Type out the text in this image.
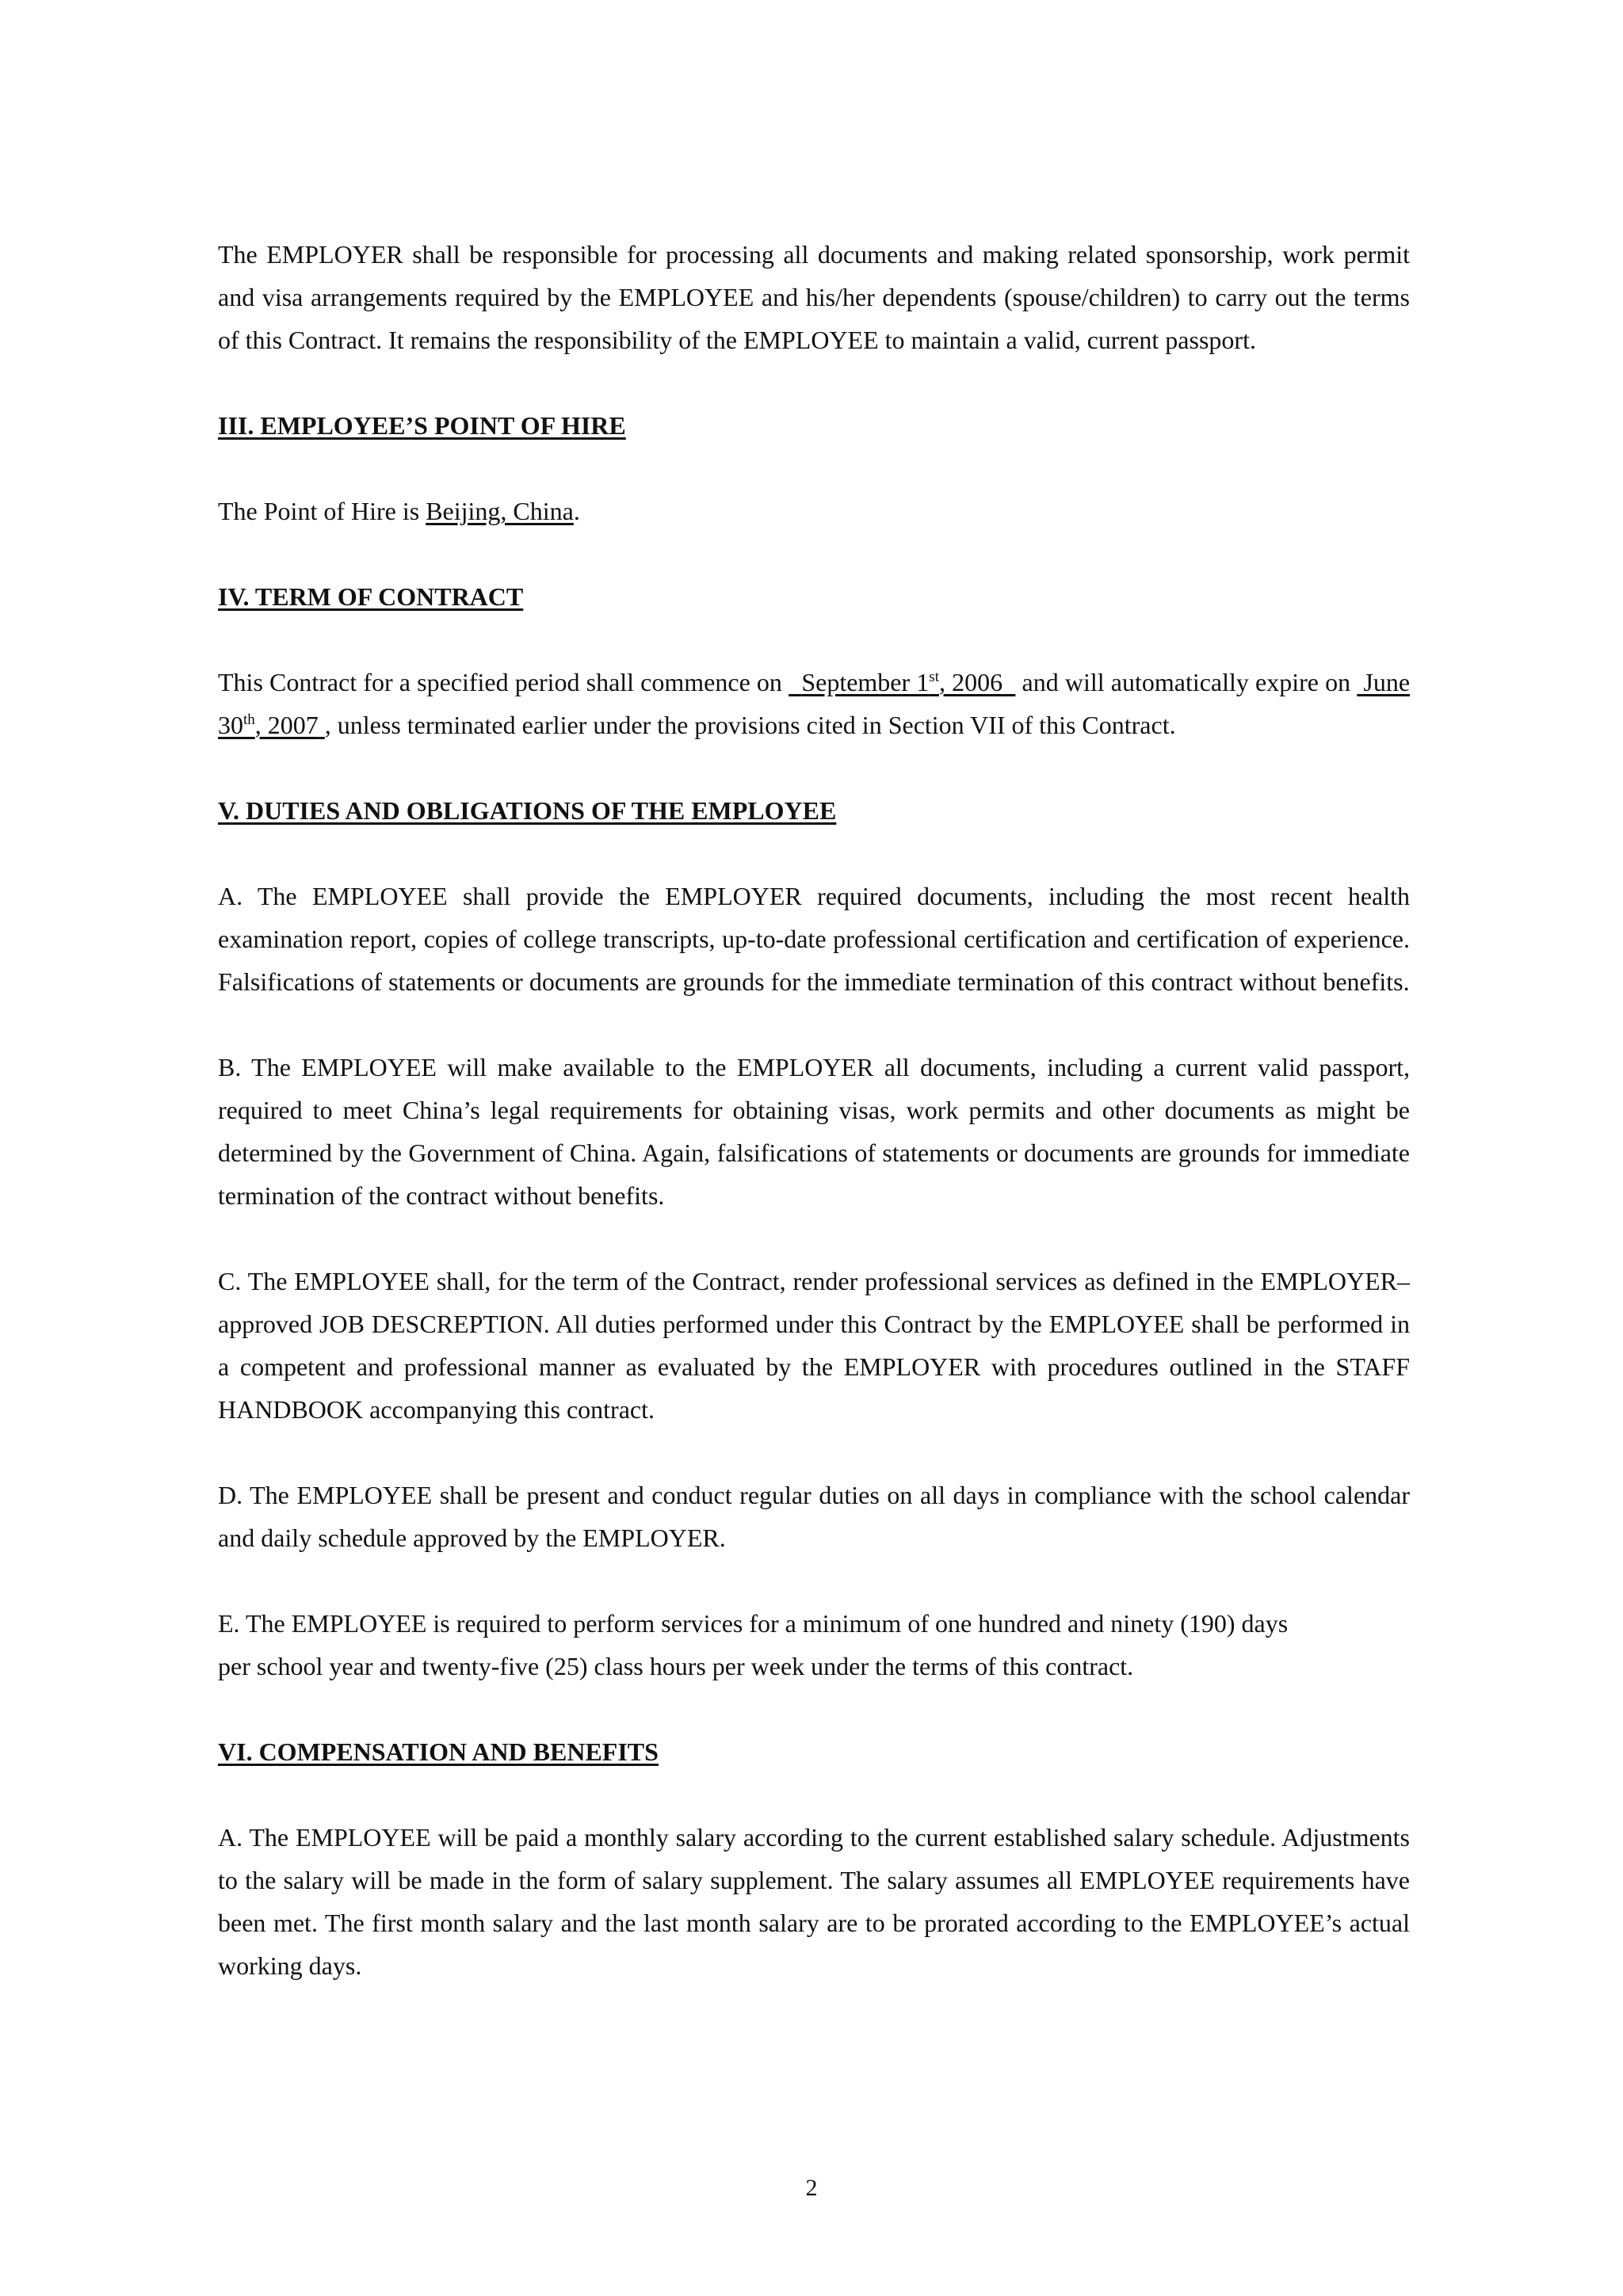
The EMPLOYER shall be responsible for processing all documents and making related sponsorship, work permit and visa arrangements required by the EMPLOYEE and his/her dependents (spouse/children) to carry out the terms of this Contract. It remains the responsibility of the EMPLOYEE to maintain a valid, current passport.

III. EMPLOYEE’S POINT OF HIRE

The Point of Hire is Beijing, China.

IV. TERM OF CONTRACT

This Contract for a specified period shall commence on   September 1st, 2006   and will automatically expire on  June 30th, 2007 , unless terminated earlier under the provisions cited in Section VII of this Contract.

V. DUTIES AND OBLIGATIONS OF THE EMPLOYEE

A. The EMPLOYEE shall provide the EMPLOYER required documents, including the most recent health examination report, copies of college transcripts, up-to-date professional certification and certification of experience. Falsifications of statements or documents are grounds for the immediate termination of this contract without benefits.

B. The EMPLOYEE will make available to the EMPLOYER all documents, including a current valid passport, required to meet China’s legal requirements for obtaining visas, work permits and other documents as might be determined by the Government of China. Again, falsifications of statements or documents are grounds for immediate termination of the contract without benefits.

C. The EMPLOYEE shall, for the term of the Contract, render professional services as defined in the EMPLOYER–approved JOB DESCREPTION. All duties performed under this Contract by the EMPLOYEE shall be performed in a competent and professional manner as evaluated by the EMPLOYER with procedures outlined in the STAFF HANDBOOK accompanying this contract.

D. The EMPLOYEE shall be present and conduct regular duties on all days in compliance with the school calendar and daily schedule approved by the EMPLOYER.

E. The EMPLOYEE is required to perform services for a minimum of one hundred and ninety (190) days

per school year and twenty-five (25) class hours per week under the terms of this contract.

VI. COMPENSATION AND BENEFITS

A. The EMPLOYEE will be paid a monthly salary according to the current established salary schedule. Adjustments to the salary will be made in the form of salary supplement. The salary assumes all EMPLOYEE requirements have been met. The first month salary and the last month salary are to be prorated according to the EMPLOYEE’s actual working days.

2
